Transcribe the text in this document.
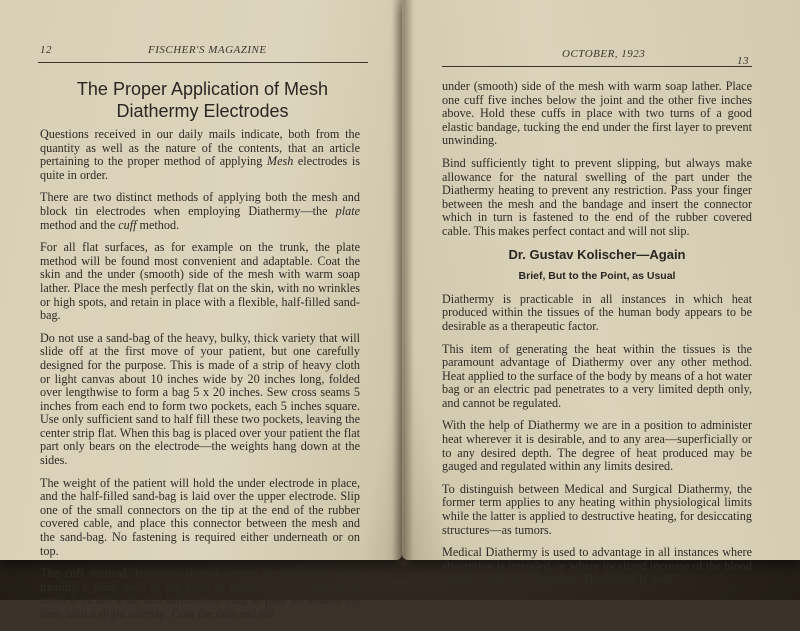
12	FISCHER'S MAGAZINE
The Proper Application of Mesh
Diathermy Electrodes

Questions received in our daily mails indicate, both from the quantity as well as the nature of the contents, that an article pertaining to the proper method of applying Mesh electrodes is quite in order.

There are two distinct methods of applying both the mesh and block tin electrodes when employing Diathermy—the plate method and the cuff method.

For all flat surfaces, as for example on the trunk, the plate method will be found most convenient and adaptable. Coat the skin and the under (smooth) side of the mesh with warm soap lather. Place the mesh perfectly flat on the skin, with no wrinkles or high spots, and retain in place with a flexible, half-filled sand-bag.

Do not use a sand-bag of the heavy, bulky, thick variety that will slide off at the first move of your patient, but one carefully designed for the purpose. This is made of a strip of heavy cloth or light canvas about 10 inches wide by 20 inches long, folded over lengthwise to form a bag 5 x 20 inches. Sew cross seams 5 inches from each end to form two pockets, each 5 inches square. Use only sufficient sand to half fill these two pockets, leaving the center strip flat. When this bag is placed over your patient the flat part only bears on the electrode—the weights hang down at the sides.

The weight of the patient will hold the under electrode in place, and the half-filled sand-bag is laid over the upper electrode. Slip one of the small connectors on the tip at the end of the rubber covered cable, and place this connector between the mesh and the sand-bag. No fastening is required either underneath or on top.

The cuff method, however, should always be employed when treating a joint, such as the knee or elbow. Use two pieces of mesh 3 inches wide and sufficiently long to pass all around the limb with a slight overlap. Coat the skin and the

OCTOBER, 1923
13

under (smooth) side of the mesh with warm soap lather. Place one cuff five inches below the joint and the other five inches above. Hold these cuffs in place with two turns of a good elastic bandage, tucking the end under the first layer to prevent unwinding.

Bind sufficiently tight to prevent slipping, but always make allowance for the natural swelling of the part under the Diathermy heating to prevent any restriction. Pass your finger between the mesh and the bandage and insert the connector which in turn is fastened to the end of the rubber covered cable. This makes perfect contact and will not slip.

Dr. Gustav Kolischer—Again

Brief, But to the Point, as Usual

Diathermy is practicable in all instances in which heat produced within the tissues of the human body appears to be desirable as a therapeutic factor.

This item of generating the heat within the tissues is the paramount advantage of Diathermy over any other method. Heat applied to the surface of the body by means of a hot water bag or an electric pad penetrates to a very limited depth only, and cannot be regulated.

With the help of Diathermy we are in a position to administer heat wherever it is desirable, and to any area—superficially or to any desired depth. The degree of heat produced may be gauged and regulated within any limits desired.

To distinguish between Medical and Surgical Diathermy, the former term applies to any heating within physiological limits while the latter is applied to destructive heating, for desiccating structures—as tumors.

Medical Diathermy is used to advantage in all instances where absorption is intended, or where localized increase of the blood supply is desired. Therefore, Diathermy is used
